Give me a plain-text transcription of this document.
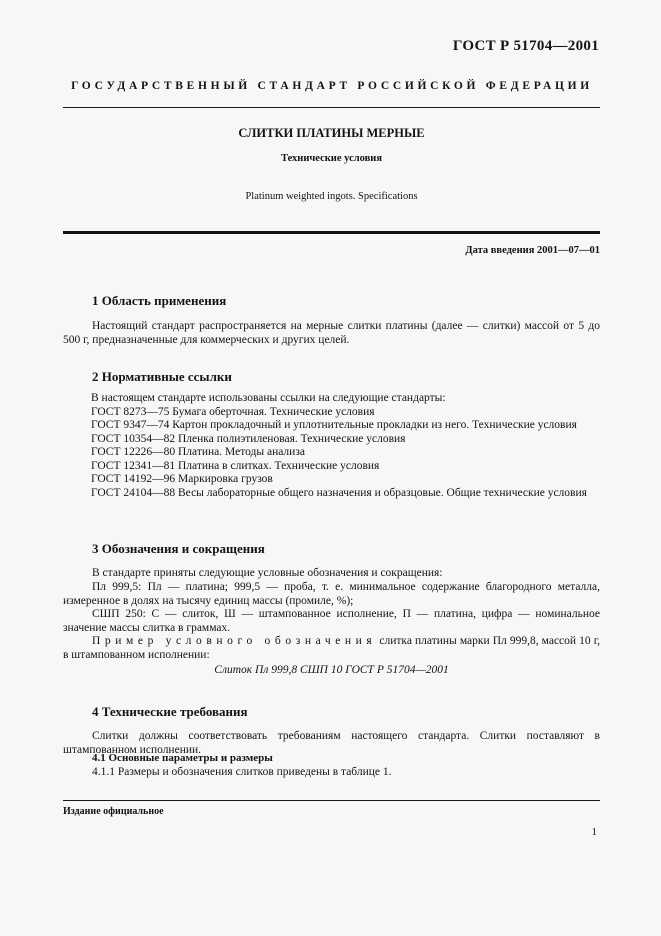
ГОСТ Р 51704—2001
ГОСУДАРСТВЕННЫЙ СТАНДАРТ РОССИЙСКОЙ ФЕДЕРАЦИИ
СЛИТКИ ПЛАТИНЫ МЕРНЫЕ
Технические условия
Platinum weighted ingots. Specifications
Дата введения 2001—07—01
1 Область применения
Настоящий стандарт распространяется на мерные слитки платины (далее — слитки) массой от 5 до 500 г, предназначенные для коммерческих и других целей.
2 Нормативные ссылки
В настоящем стандарте использованы ссылки на следующие стандарты:
ГОСТ 8273—75 Бумага оберточная. Технические условия
ГОСТ 9347—74 Картон прокладочный и уплотнительные прокладки из него. Технические условия
ГОСТ 10354—82 Пленка полиэтиленовая. Технические условия
ГОСТ 12226—80 Платина. Методы анализа
ГОСТ 12341—81 Платина в слитках. Технические условия
ГОСТ 14192—96 Маркировка грузов
ГОСТ 24104—88 Весы лабораторные общего назначения и образцовые. Общие технические условия
3 Обозначения и сокращения
В стандарте приняты следующие условные обозначения и сокращения:
Пл 999,5: Пл — платина; 999,5 — проба, т. е. минимальное содержание благородного металла, измеренное в долях на тысячу единиц массы (промиле, %);
СШП 250: С — слиток, Ш — штампованное исполнение, П — платина, цифра — номинальное значение массы слитка в граммах.
Пример условного обозначения слитка платины марки Пл 999,8, массой 10 г, в штампованном исполнении:
Слиток Пл 999,8 СШП 10 ГОСТ Р 51704—2001
4 Технические требования
Слитки должны соответствовать требованиям настоящего стандарта. Слитки поставляют в штампованном исполнении.
4.1 Основные параметры и размеры
4.1.1 Размеры и обозначения слитков приведены в таблице 1.
Издание официальное
1
